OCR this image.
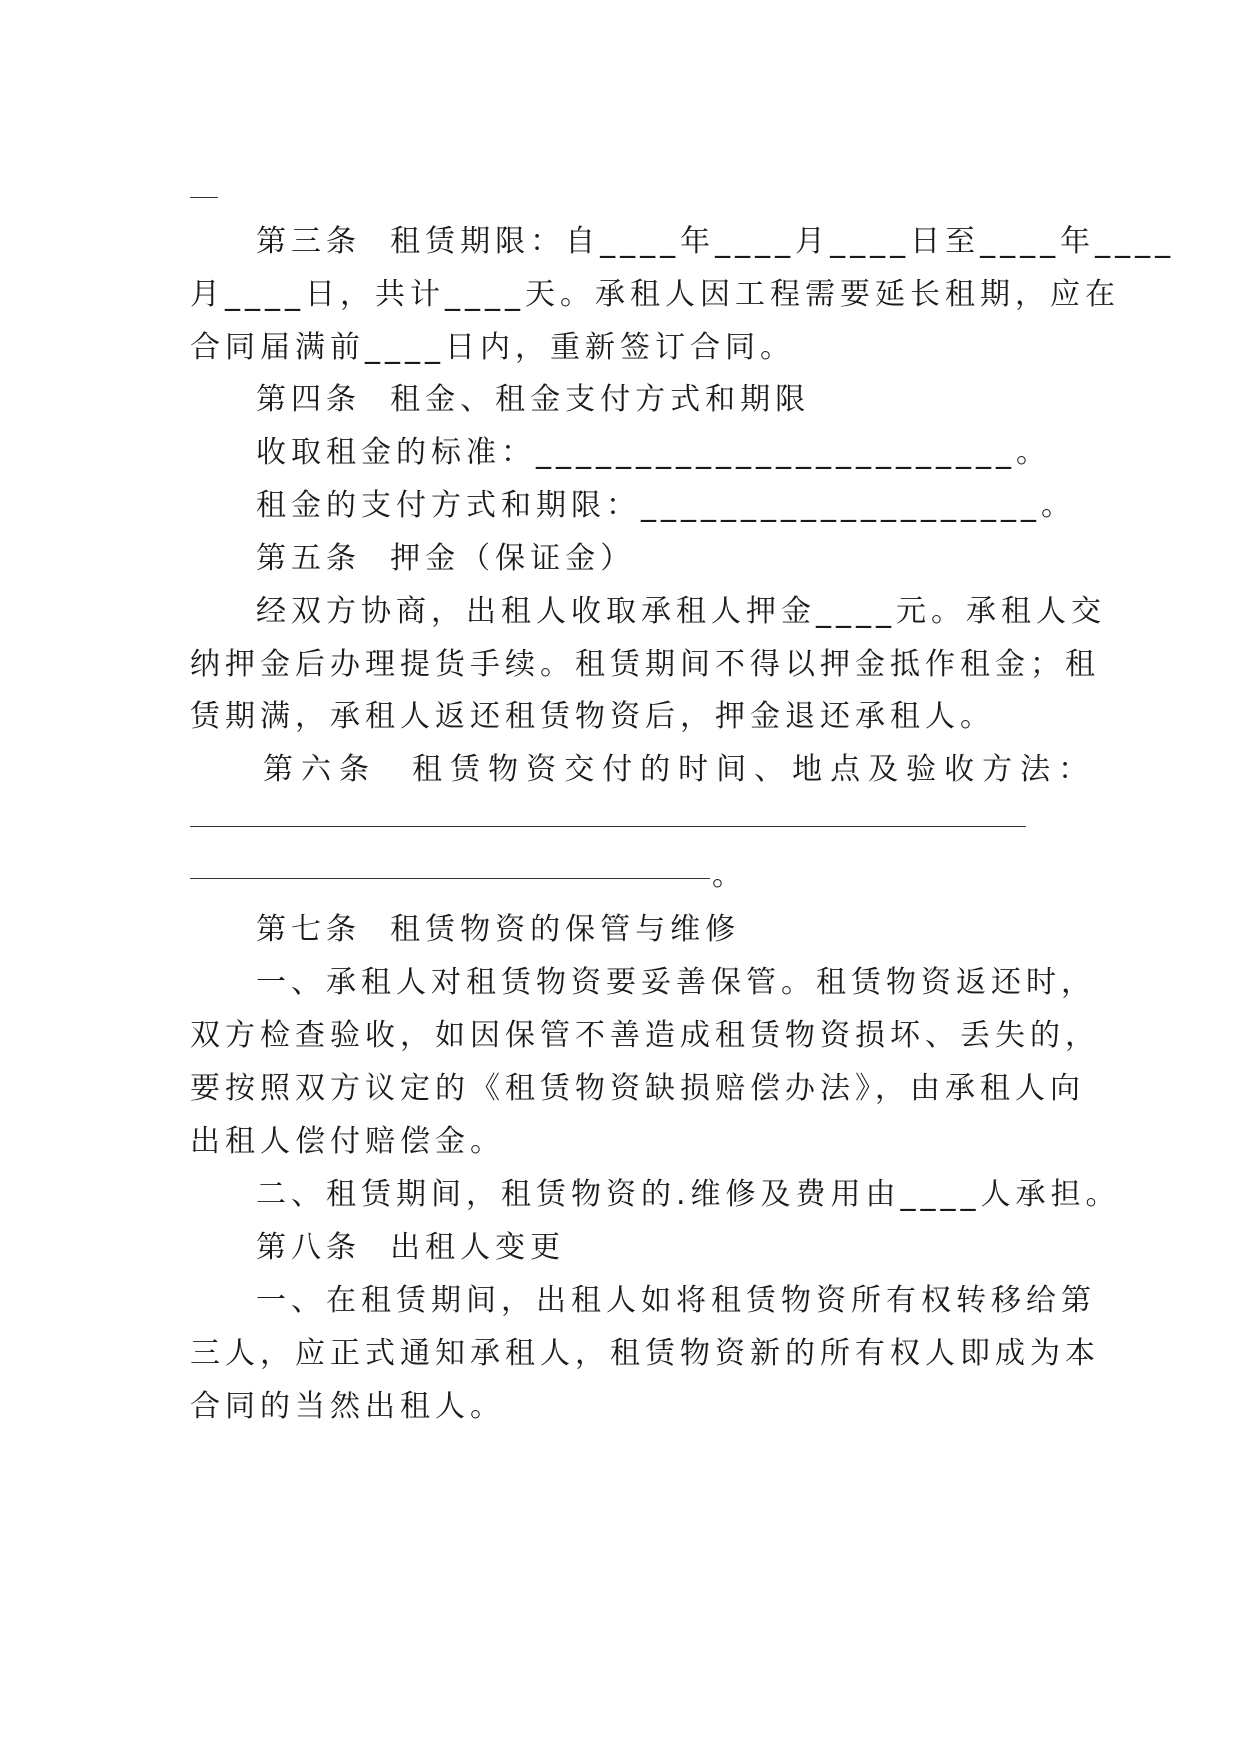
第三条  租赁期限：自____年____月____日至____年____
月____日，共计____天。承租人因工程需要延长租期，应在
合同届满前____日内，重新签订合同。
第四条  租金、租金支付方式和期限
收取租金的标准：________________________。
租金的支付方式和期限：____________________。
第五条  押金（保证金）
经双方协商，出租人收取承租人押金____元。承租人交
纳押金后办理提货手续。租赁期间不得以押金抵作租金；租
赁期满，承租人返还租赁物资后，押金退还承租人。
第六条  租赁物资交付的时间、地点及验收方法：
。
第七条  租赁物资的保管与维修
一、承租人对租赁物资要妥善保管。租赁物资返还时，
双方检查验收，如因保管不善造成租赁物资损坏、丢失的，
要按照双方议定的《租赁物资缺损赔偿办法》，由承租人向
出租人偿付赔偿金。
二、租赁期间，租赁物资的.维修及费用由____人承担。
第八条  出租人变更
一、在租赁期间，出租人如将租赁物资所有权转移给第
三人，应正式通知承租人，租赁物资新的所有权人即成为本
合同的当然出租人。
